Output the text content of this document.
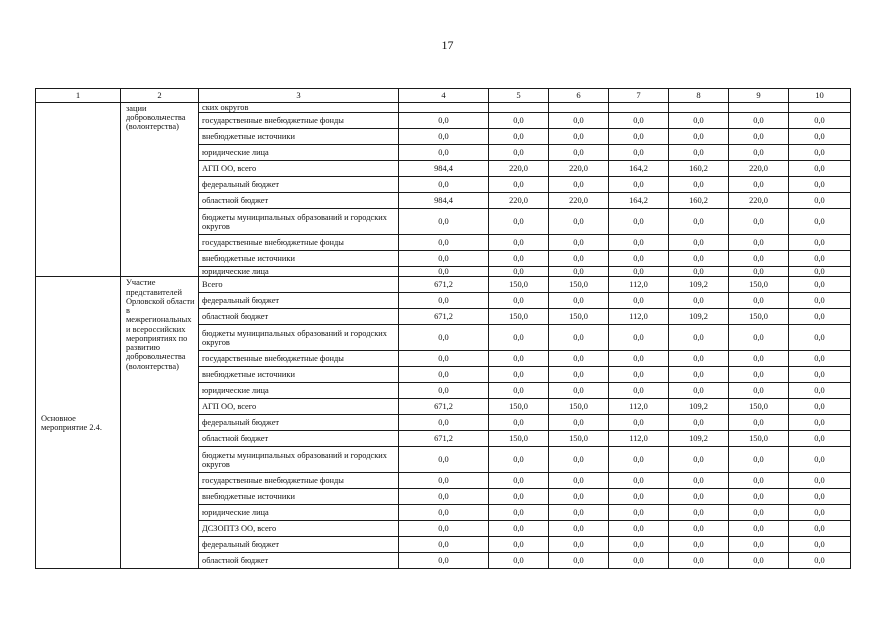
17
1	2	3	4	5	6	7	8	9	10
	зации добровольчества (волонтерства)	ских округов							
		государственные внебюджетные фонды	0,0	0,0	0,0	0,0	0,0	0,0	0,0
		внебюджетные источники	0,0	0,0	0,0	0,0	0,0	0,0	0,0
		юридические лица	0,0	0,0	0,0	0,0	0,0	0,0	0,0
		АГП ОО, всего	984,4	220,0	220,0	164,2	160,2	220,0	0,0
		федеральный бюджет	0,0	0,0	0,0	0,0	0,0	0,0	0,0
		областной бюджет	984,4	220,0	220,0	164,2	160,2	220,0	0,0
		бюджеты муниципальных образований и городских округов	0,0	0,0	0,0	0,0	0,0	0,0	0,0
		государственные внебюджетные фонды	0,0	0,0	0,0	0,0	0,0	0,0	0,0
		внебюджетные источники	0,0	0,0	0,0	0,0	0,0	0,0	0,0
		юридические лица	0,0	0,0	0,0	0,0	0,0	0,0	0,0
Основное мероприятие 2.4.	Участие представителей Орловской области в межрегиональных и всероссийских мероприятиях по развитию добровольчества (волонтерства)	Всего	671,2	150,0	150,0	112,0	109,2	150,0	0,0
		федеральный бюджет	0,0	0,0	0,0	0,0	0,0	0,0	0,0
		областной бюджет	671,2	150,0	150,0	112,0	109,2	150,0	0,0
		бюджеты муниципальных образований и городских округов	0,0	0,0	0,0	0,0	0,0	0,0	0,0
		государственные внебюджетные фонды	0,0	0,0	0,0	0,0	0,0	0,0	0,0
		внебюджетные источники	0,0	0,0	0,0	0,0	0,0	0,0	0,0
		юридические лица	0,0	0,0	0,0	0,0	0,0	0,0	0,0
		АГП ОО, всего	671,2	150,0	150,0	112,0	109,2	150,0	0,0
		федеральный бюджет	0,0	0,0	0,0	0,0	0,0	0,0	0,0
		областной бюджет	671,2	150,0	150,0	112,0	109,2	150,0	0,0
		бюджеты муниципальных образований и городских округов	0,0	0,0	0,0	0,0	0,0	0,0	0,0
		государственные внебюджетные фонды	0,0	0,0	0,0	0,0	0,0	0,0	0,0
		внебюджетные источники	0,0	0,0	0,0	0,0	0,0	0,0	0,0
		юридические лица	0,0	0,0	0,0	0,0	0,0	0,0	0,0
		ДСЗОПТЗ ОО, всего	0,0	0,0	0,0	0,0	0,0	0,0	0,0
		федеральный бюджет	0,0	0,0	0,0	0,0	0,0	0,0	0,0
		областной бюджет	0,0	0,0	0,0	0,0	0,0	0,0	0,0
